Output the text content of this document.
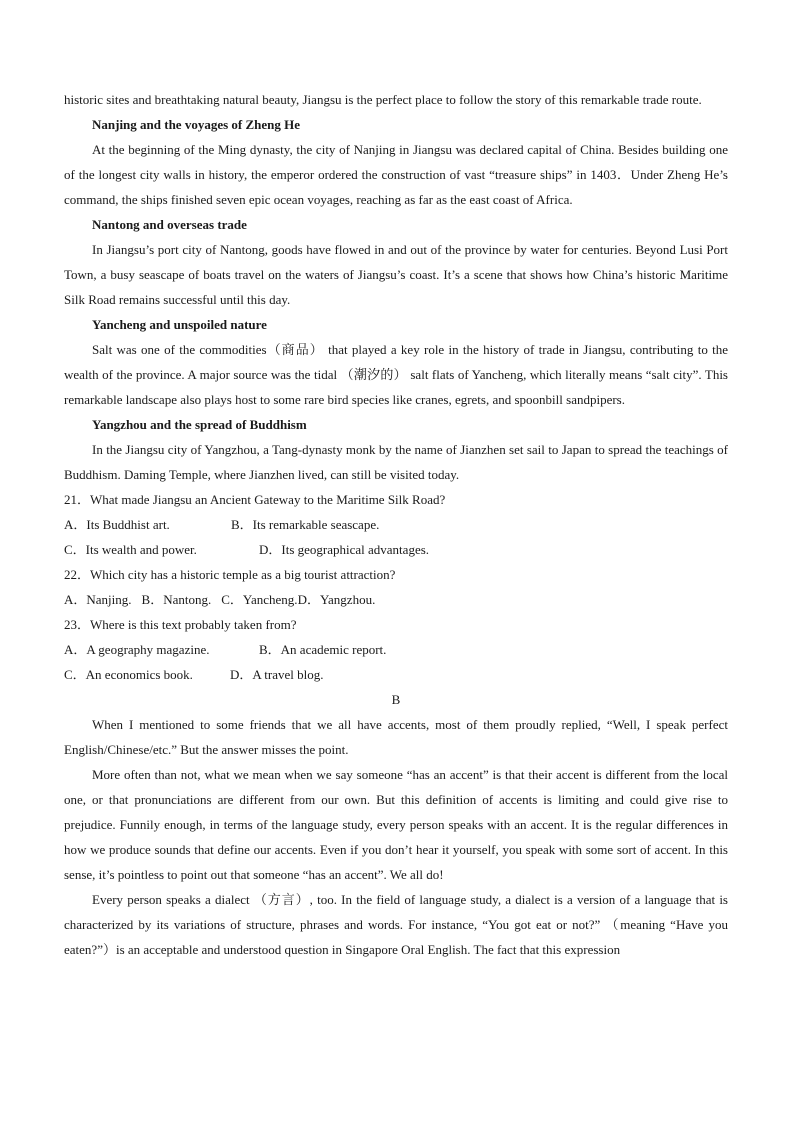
historic sites and breathtaking natural beauty, Jiangsu is the perfect place to follow the story of this remarkable trade route.

Nanjing and the voyages of Zheng He

At the beginning of the Ming dynasty, the city of Nanjing in Jiangsu was declared capital of China. Besides building one of the longest city walls in history, the emperor ordered the construction of vast “treasure ships” in 1403．Under Zheng He’s command, the ships finished seven epic ocean voyages, reaching as far as the east coast of Africa.

Nantong and overseas trade

In Jiangsu’s port city of Nantong, goods have flowed in and out of the province by water for centuries. Beyond Lusi Port Town, a busy seascape of boats travel on the waters of Jiangsu’s coast. It’s a scene that shows how China’s historic Maritime Silk Road remains successful until this day.

Yancheng and unspoiled nature

Salt was one of the commodities（商品） that played a key role in the history of trade in Jiangsu, contributing to the wealth of the province. A major source was the tidal （潮汐的） salt flats of Yancheng, which literally means “salt city”. This remarkable landscape also plays host to some rare bird species like cranes, egrets, and spoonbill sandpipers.

Yangzhou and the spread of Buddhism

In the Jiangsu city of Yangzhou, a Tang-dynasty monk by the name of Jianzhen set sail to Japan to spread the teachings of Buddhism. Daming Temple, where Jianzhen lived, can still be visited today.

21．What made Jiangsu an Ancient Gateway to the Maritime Silk Road?

A．Its Buddhist art.	B．Its remarkable seascape.
C．Its wealth and power.	D．Its geographical advantages.

22．Which city has a historic temple as a big tourist attraction?

A．Nanjing. B．Nantong. C．Yancheng. D．Yangzhou.

23．Where is this text probably taken from?

A．A geography magazine.	B．An academic report.
C．An economics book.	D．A travel blog.

B

When I mentioned to some friends that we all have accents, most of them proudly replied, “Well, I speak perfect English/Chinese/etc.” But the answer misses the point.

More often than not, what we mean when we say someone “has an accent” is that their accent is different from the local one, or that pronunciations are different from our own. But this definition of accents is limiting and could give rise to prejudice. Funnily enough, in terms of the language study, every person speaks with an accent. It is the regular differences in how we produce sounds that define our accents. Even if you don’t hear it yourself, you speak with some sort of accent. In this sense, it’s pointless to point out that someone “has an accent”. We all do!

Every person speaks a dialect （方言）, too. In the field of language study, a dialect is a version of a language that is characterized by its variations of structure, phrases and words. For instance, “You got eat or not?” （meaning “Have you eaten?”）is an acceptable and understood question in Singapore Oral English. The fact that this expression
